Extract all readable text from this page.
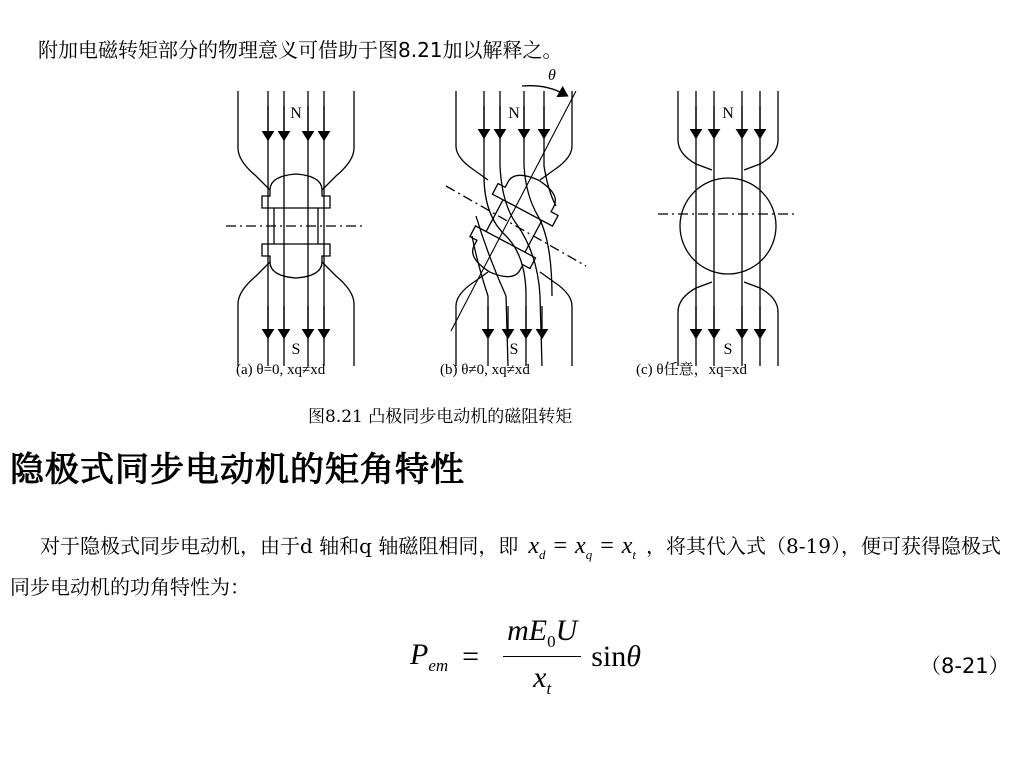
附加电磁转矩部分的物理意义可借助于图8.21加以解释之。
N
S
(a) θ=0, xq≠xd
N
θ
S
(b) θ≠0, xq≠xd
N
S
(c) θ任意，xq=xd
图8.21 凸极同步电动机的磁阻转矩
隐极式同步电动机的矩角特性
对于隐极式同步电动机，由于d 轴和q 轴磁阻相同，即 $x_d = x_q = x_t$ ，将其代入式（8-19），便可获得隐极式同步电动机的功角特性为：
$P_{em} = \frac{mE_0U}{x_t}$ sinθ	（8-21）
